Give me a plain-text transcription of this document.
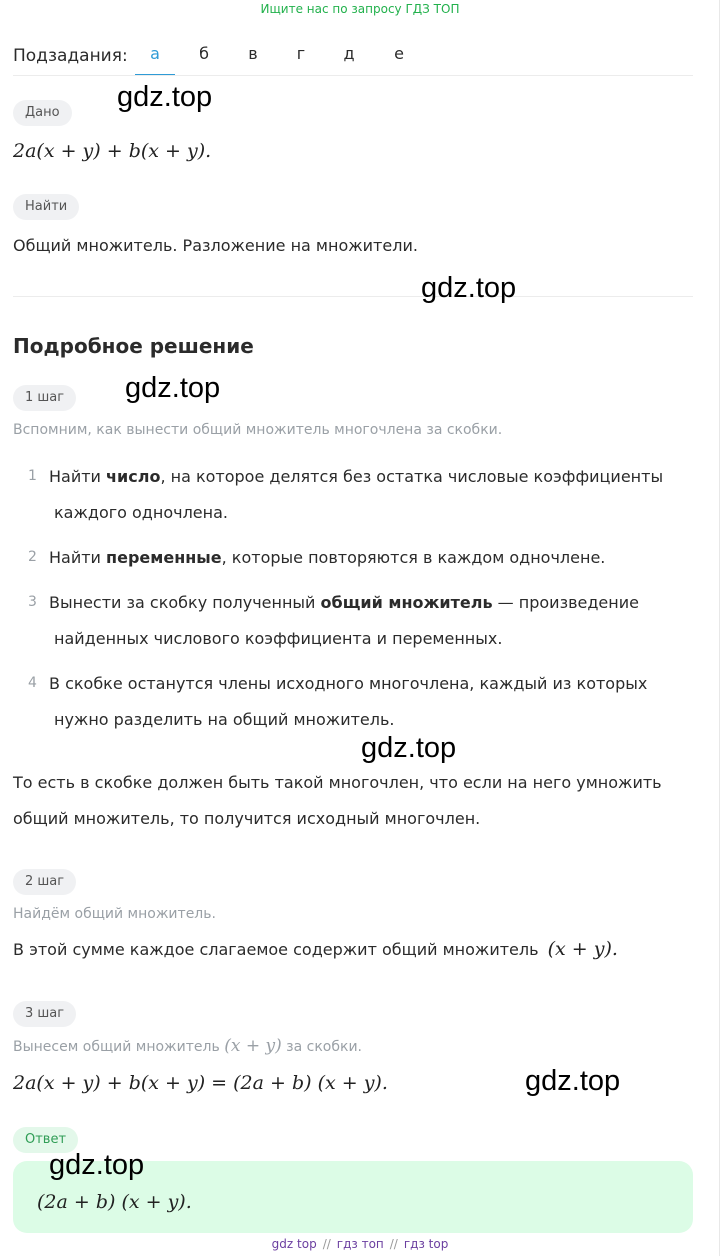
Ищите нас по запросу ГДЗ ТОП
Подзадания:	а	б	в	г	д	е
Дано
2a(x + y) + b(x + y).
Найти
Общий множитель. Разложение на множители.
Подробное решение
1 шаг
Вспомним, как вынести общий множитель многочлена за скобки.
1 Найти число, на которое делятся без остатка числовые коэффициенты
каждого одночлена.
2 Найти переменные, которые повторяются в каждом одночлене.
3 Вынести за скобку полученный общий множитель — произведение
найденных числового коэффициента и переменных.
4 В скобке останутся члены исходного многочлена, каждый из которых
нужно разделить на общий множитель.
То есть в скобке должен быть такой многочлен, что если на него умножить
общий множитель, то получится исходный многочлен.
2 шаг
Найдём общий множитель.
В этой сумме каждое слагаемое содержит общий множитель (x + y).
3 шаг
Вынесем общий множитель (x + y) за скобки.
2a(x + y) + b(x + y) = (2a + b) (x + y).
Ответ
(2a + b) (x + y).
gdz.top
gdz.top
gdz.top
gdz.top
gdz.top
gdz.top
gdz top // гдз топ // гдз top
